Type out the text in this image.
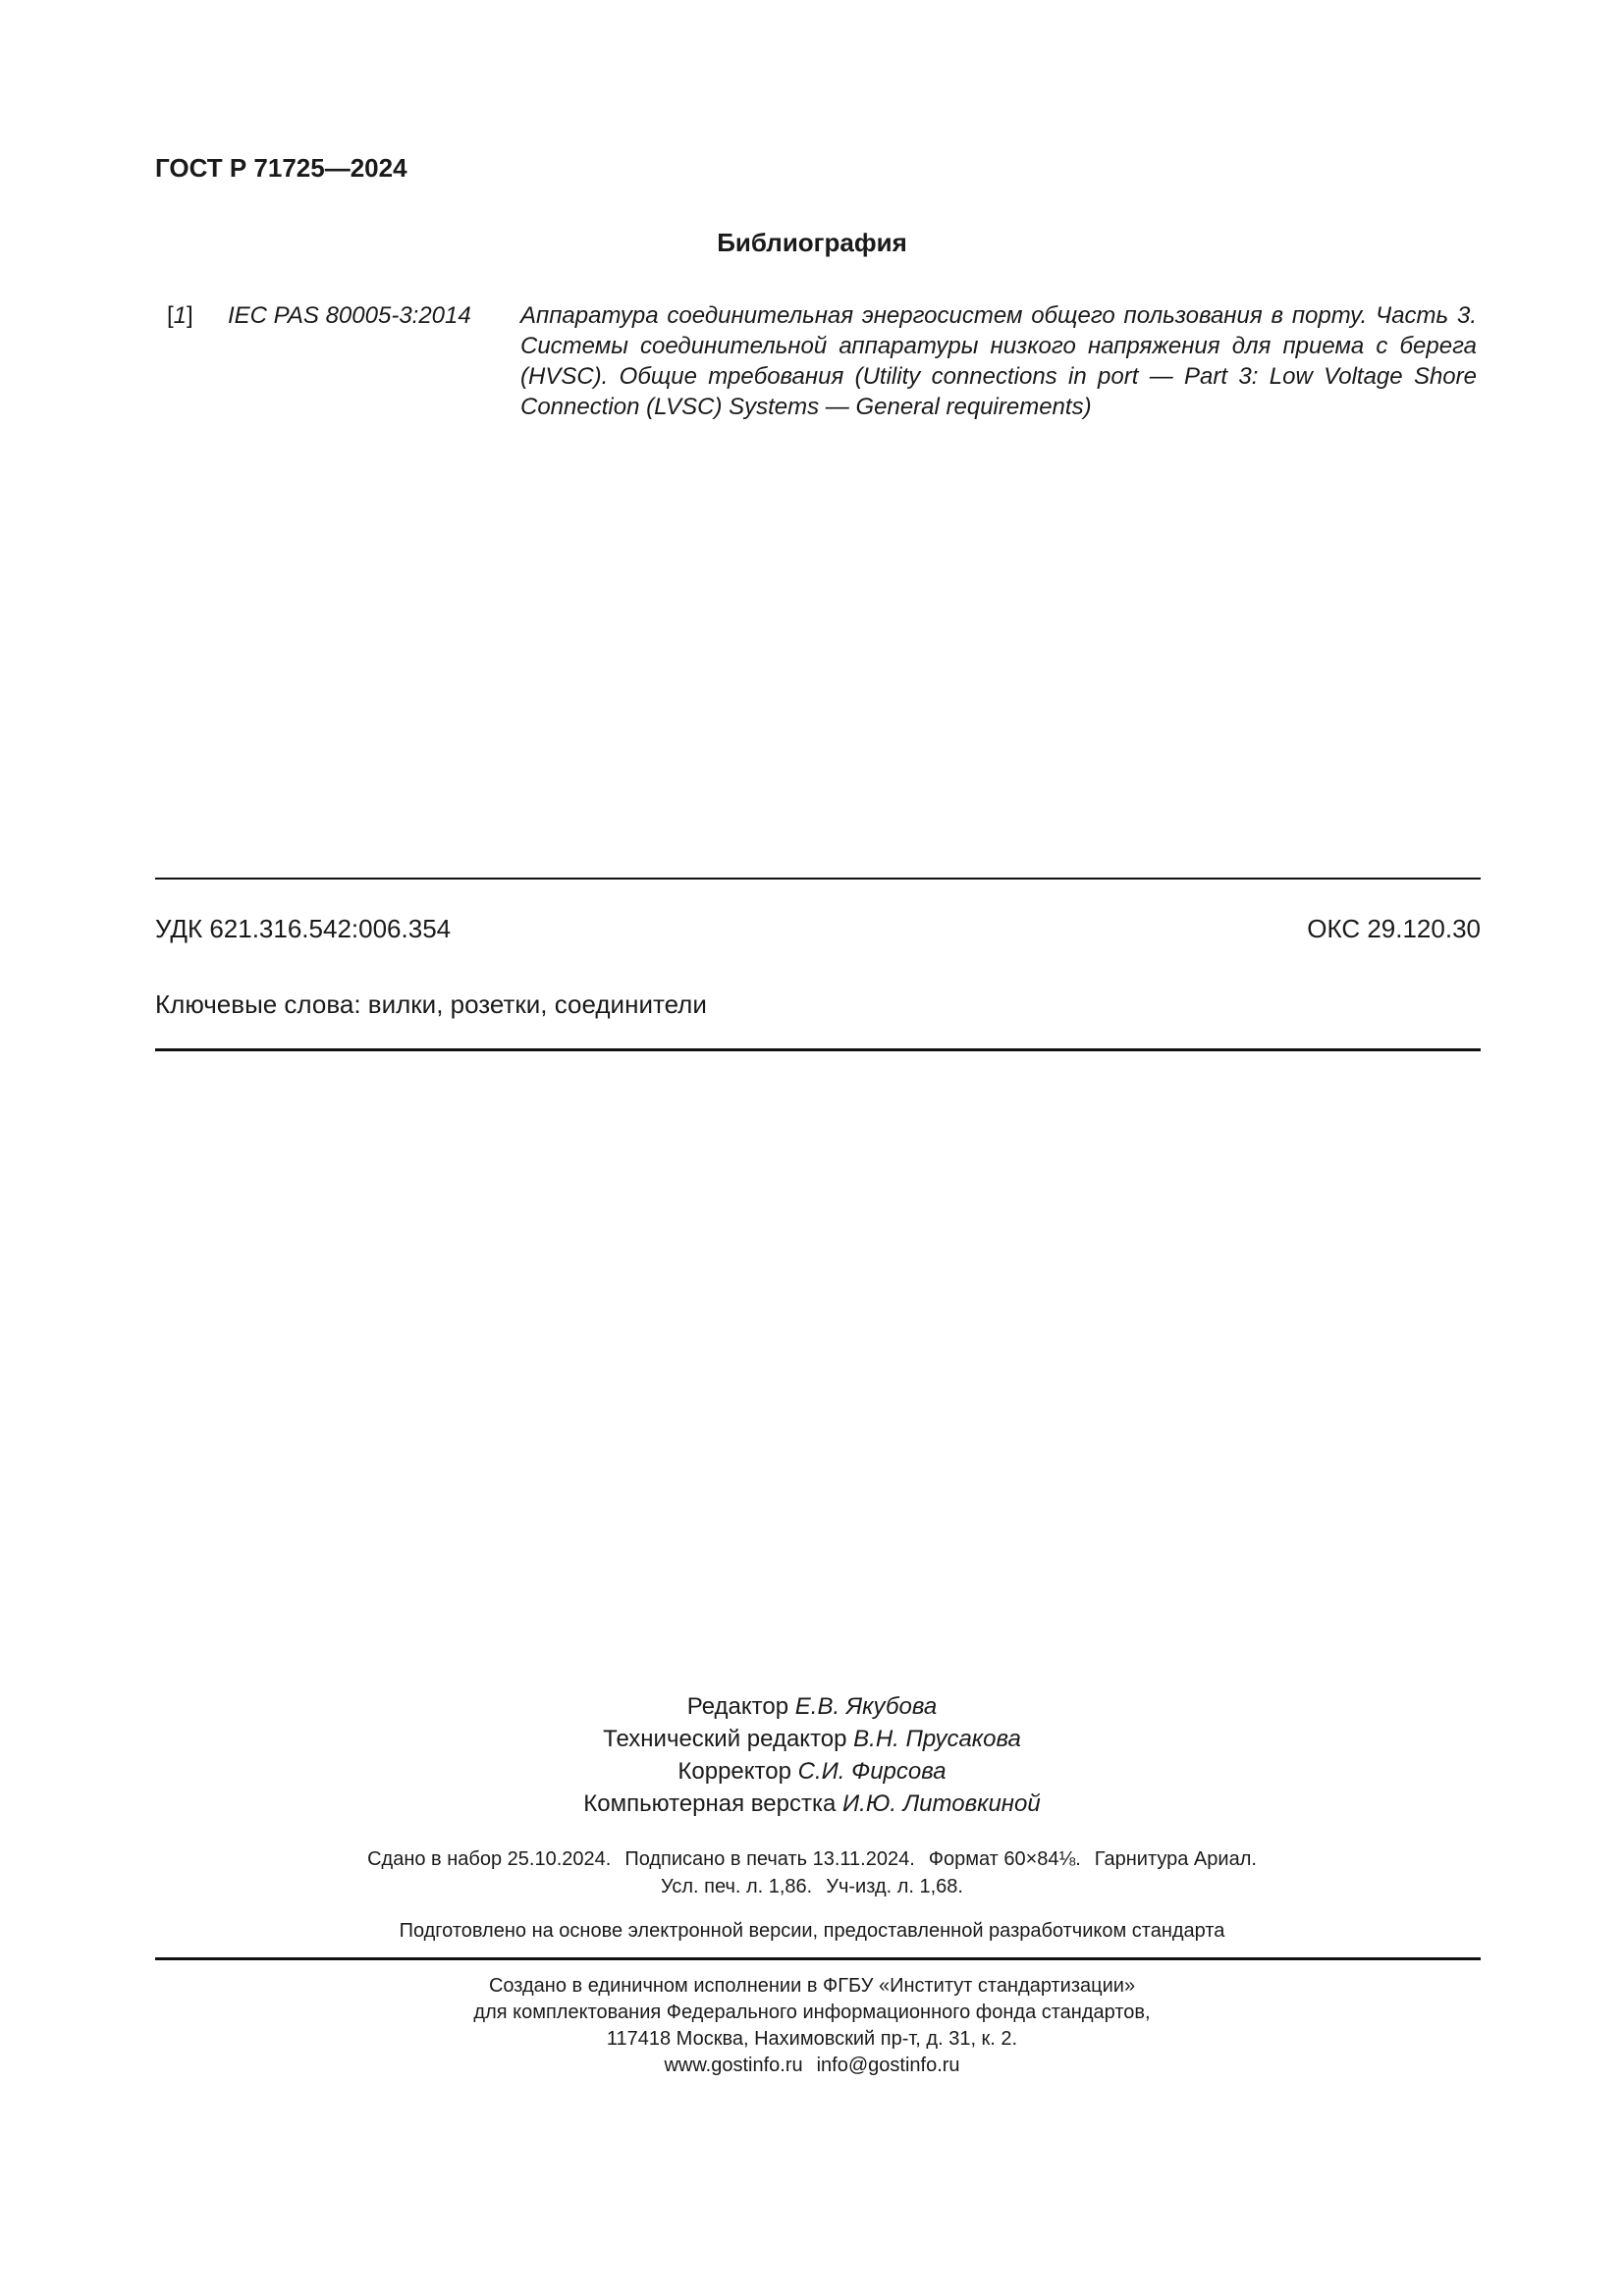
ГОСТ Р 71725—2024
Библиография
[1] IEC PAS 80005-3:2014 Аппаратура соединительная энергосистем общего пользования в порту. Часть 3. Системы соединительной аппаратуры низкого напряжения для приема с берега (HVSC). Общие требования (Utility connections in port — Part 3: Low Voltage Shore Connection (LVSC) Systems — General requirements)
УДК 621.316.542:006.354	ОКС 29.120.30
Ключевые слова: вилки, розетки, соединители
Редактор Е.В. Якубова
Технический редактор В.Н. Прусакова
Корректор С.И. Фирсова
Компьютерная верстка И.Ю. Литовкиной
Сдано в набор 25.10.2024. Подписано в печать 13.11.2024. Формат 60×84⅛. Гарнитура Ариал.
Усл. печ. л. 1,86. Уч-изд. л. 1,68.
Подготовлено на основе электронной версии, предоставленной разработчиком стандарта
Создано в единичном исполнении в ФГБУ «Институт стандартизации»
для комплектования Федерального информационного фонда стандартов,
117418 Москва, Нахимовский пр-т, д. 31, к. 2.
www.gostinfo.ru info@gostinfo.ru
